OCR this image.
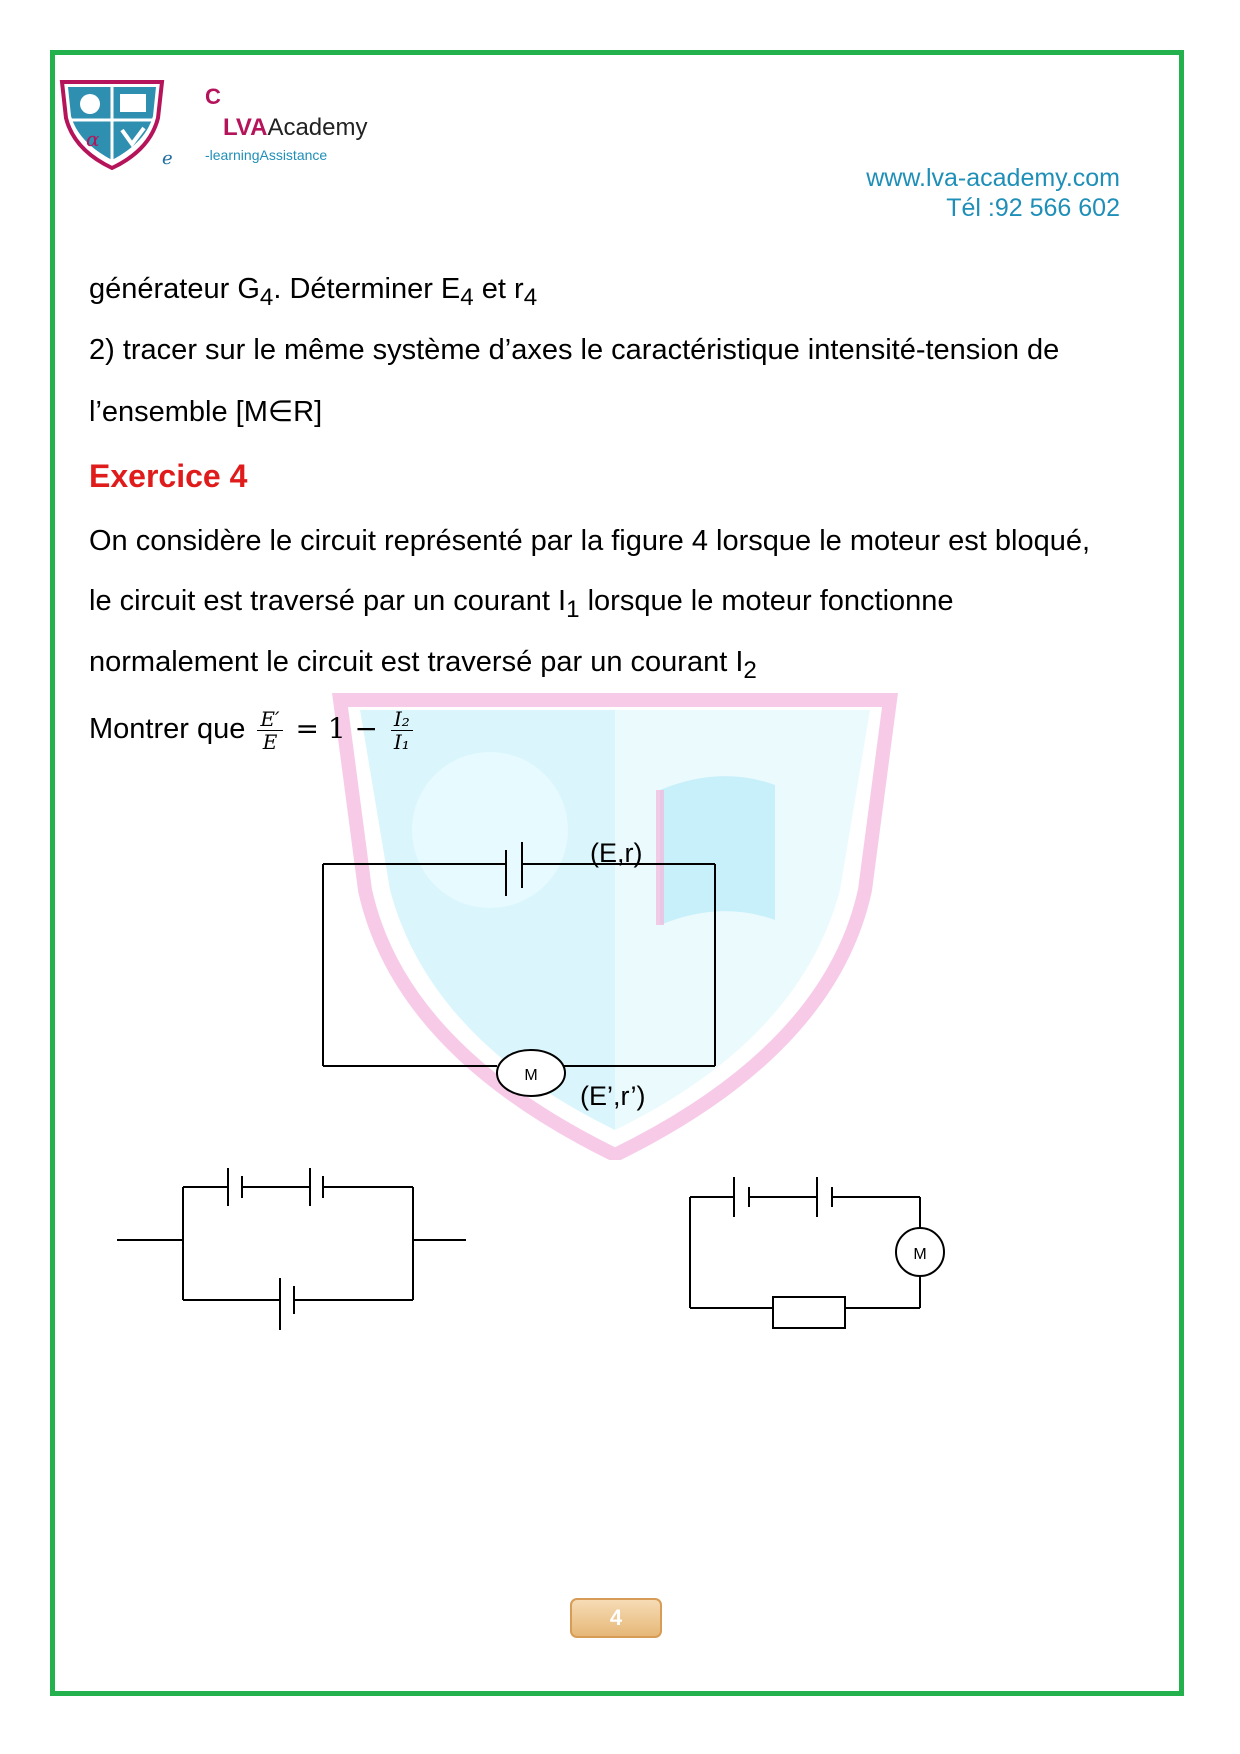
α
C
LVAAcademy
-learningAssistance
e
www.lva-academy.com
Tél :92 566 602
générateur $G_4$. Déterminer $E_4$ et $r_4$
2) tracer sur le même système d’axes le caractéristique intensité-tension de
l’ensemble [M∈R]
Exercice 4
On considère le circuit représenté par la figure 4 lorsque le moteur est bloqué,
le circuit est traversé par un courant $I_1$ lorsque le moteur fonctionne
normalement le circuit est traversé par un courant $I_2$
Montrer que $\frac{E'}{E} = 1 - \frac{\text{I₂}}{\text{I₁}}$
(E,r)
M
(E’,r’)
M
4
